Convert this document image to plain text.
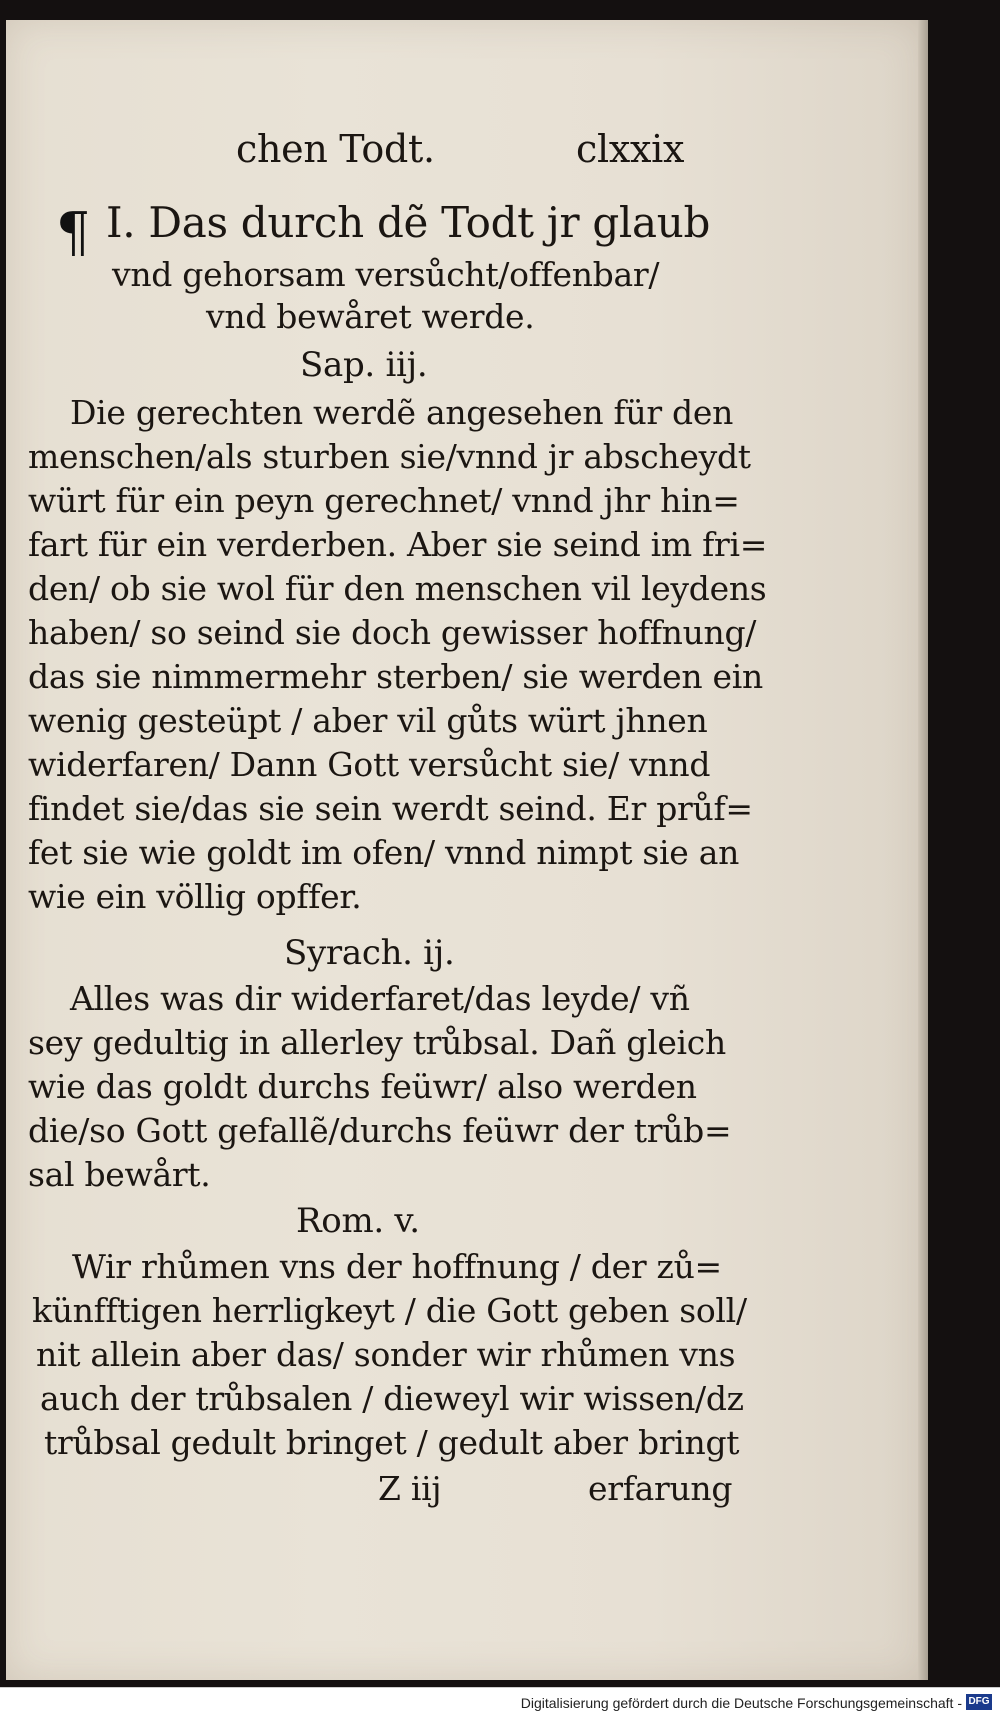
chen Todt.	clxxix
¶ I. Das durch dẽ Todt jr glaub
vnd gehorsam versůcht/offenbar/
vnd bewåret werde.
Sap. iij.
Die gerechten werdẽ angesehen für den
menschen/als sturben sie/vnnd jr abscheydt
würt für ein peyn gerechnet/ vnnd jhr hin=
fart für ein verderben. Aber sie seind im fri=
den/ ob sie wol für den menschen vil leydens
haben/ so seind sie doch gewisser hoffnung/
das sie nimmermehr sterben/ sie werden ein
wenig gesteüpt / aber vil gůts würt jhnen
widerfaren/ Dann Gott versůcht sie/ vnnd
findet sie/das sie sein werdt seind. Er průf=
fet sie wie goldt im ofen/ vnnd nimpt sie an
wie ein völlig opffer.
Syrach. ij.
Alles was dir widerfaret/das leyde/ vñ
sey gedultig in allerley trůbsal. Dañ gleich
wie das goldt durchs feüwr/ also werden
die/so Gott gefallẽ/durchs feüwr der trůb=
sal bewårt.
Rom. v.
Wir rhůmen vns der hoffnung / der zů=
künfftigen herrligkeyt / die Gott geben soll/
nit allein aber das/ sonder wir rhůmen vns
auch der trůbsalen / dieweyl wir wissen/dz
trůbsal gedult bringet / gedult aber bringt
Z iij	erfarung
Digitalisierung gefördert durch die Deutsche Forschungsgemeinschaft - DFG
